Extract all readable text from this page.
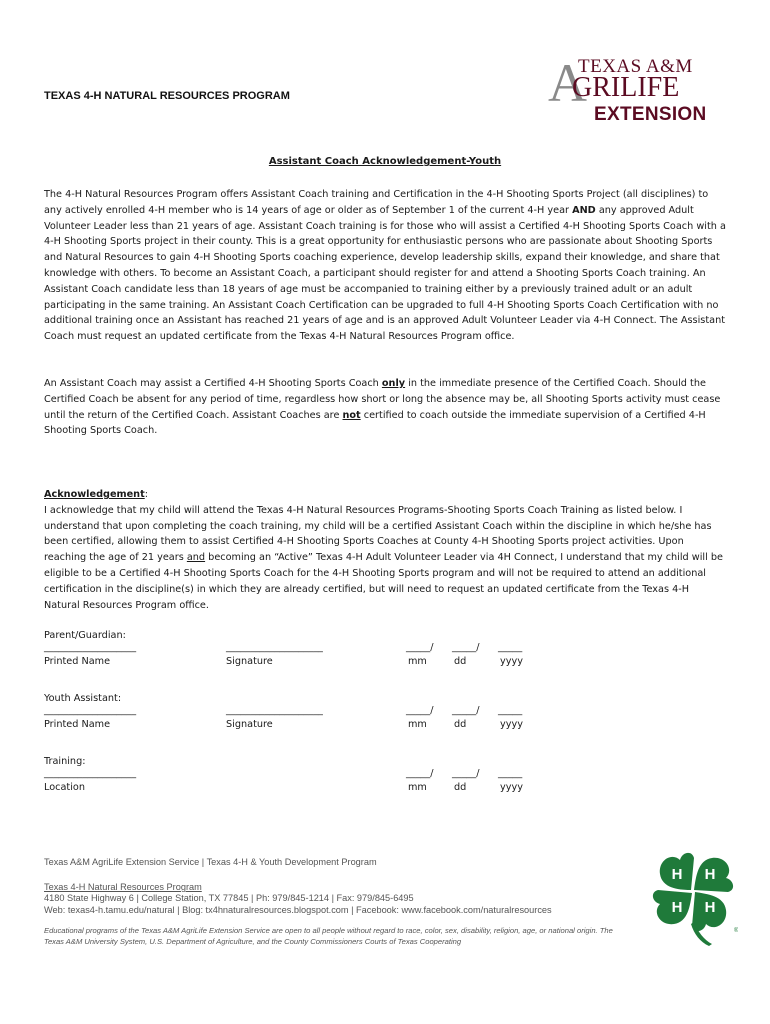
TEXAS 4-H NATURAL RESOURCES PROGRAM	A
TEXAS A&M
GRILIFE
EXTENSION
Assistant Coach Acknowledgement-Youth
The 4-H Natural Resources Program offers Assistant Coach training and Certification in the 4-H Shooting Sports Project (all disciplines) to any actively enrolled 4-H member who is 14 years of age or older as of September 1 of the current 4-H year AND any approved Adult Volunteer Leader less than 21 years of age. Assistant Coach training is for those who will assist a Certified 4-H Shooting Sports Coach with a 4-H Shooting Sports project in their county. This is a great opportunity for enthusiastic persons who are passionate about Shooting Sports and Natural Resources to gain 4-H Shooting Sports coaching experience, develop leadership skills, expand their knowledge, and share that knowledge with others. To become an Assistant Coach, a participant should register for and attend a Shooting Sports Coach training. An Assistant Coach candidate less than 18 years of age must be accompanied to training either by a previously trained adult or an adult participating in the same training. An Assistant Coach Certification can be upgraded to full 4-H Shooting Sports Coach Certification with no additional training once an Assistant has reached 21 years of age and is an approved Adult Volunteer Leader via 4-H Connect. The Assistant Coach must request an updated certificate from the Texas 4-H Natural Resources Program office.
An Assistant Coach may assist a Certified 4-H Shooting Sports Coach only in the immediate presence of the Certified Coach. Should the Certified Coach be absent for any period of time, regardless how short or long the absence may be, all Shooting Sports activity must cease until the return of the Certified Coach. Assistant Coaches are not certified to coach outside the immediate supervision of a Certified 4-H Shooting Sports Coach.
Acknowledgement:
I acknowledge that my child will attend the Texas 4-H Natural Resources Programs-Shooting Sports Coach Training as listed below. I understand that upon completing the coach training, my child will be a certified Assistant Coach within the discipline in which he/she has been certified, allowing them to assist Certified 4-H Shooting Sports Coaches at County 4-H Shooting Sports project activities. Upon reaching the age of 21 years and becoming an “Active” Texas 4-H Adult Volunteer Leader via 4H Connect, I understand that my child will be eligible to be a Certified 4-H Shooting Sports Coach for the 4-H Shooting Sports program and will not be required to attend an additional certification in the discipline(s) in which they are already certified, but will need to request an updated certificate from the Texas 4-H Natural Resources Program office.
Parent/Guardian:
___________________	____________________	_____/ _____/ _____
Printed Name	Signature	mm	dd	yyyy
Youth Assistant:
___________________	____________________	_____/ _____/ _____
Printed Name	Signature	mm	dd	yyyy
Training:
___________________	_____/ _____/ _____
Location	mm	dd	yyyy
Texas A&M AgriLife Extension Service | Texas 4-H & Youth Development Program
Texas 4-H Natural Resources Program
4180 State Highway 6 | College Station, TX 77845 | Ph: 979/845-1214 | Fax: 979/845-6495
Web: texas4-h.tamu.edu/natural | Blog: tx4hnaturalresources.blogspot.com | Facebook: www.facebook.com/naturalresources
Educational programs of the Texas A&M AgriLife Extension Service are open to all people without regard to race, color, sex, disability, religion, age, or national origin. The Texas A&M University System, U.S. Department of Agriculture, and the County Commissioners Courts of Texas Cooperating
H H
H H
®
